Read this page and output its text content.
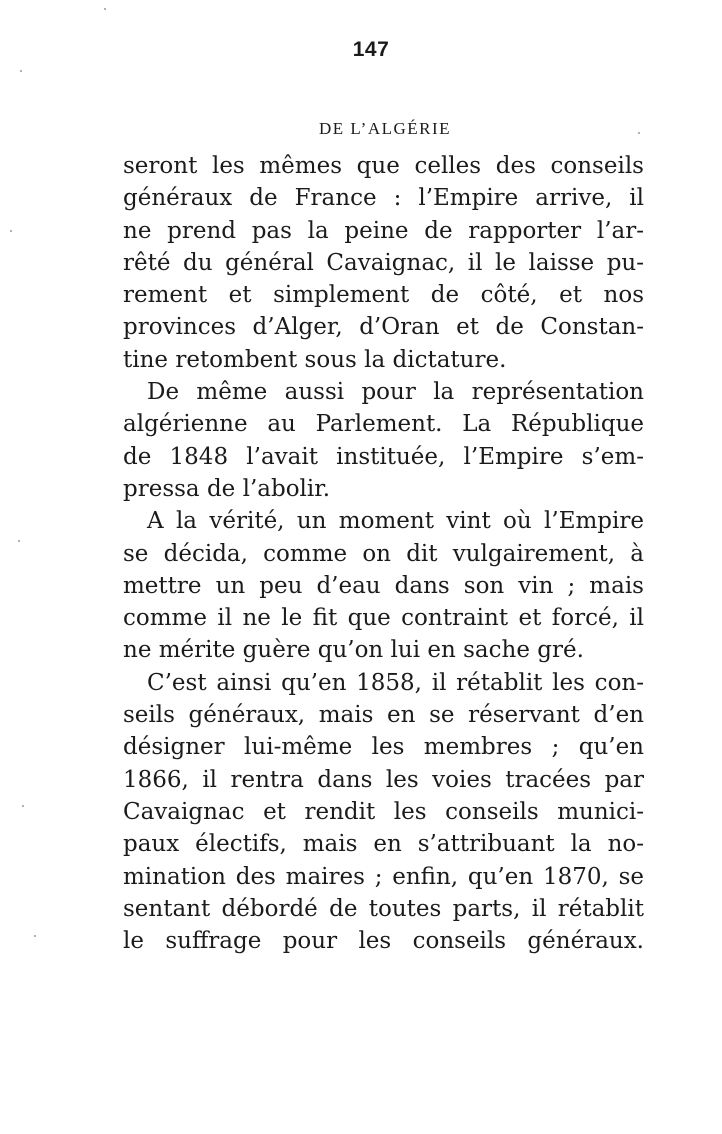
147
DE L’ALGÉRIE
seront les mêmes que celles des conseils
généraux de France : l’Empire arrive, il
ne prend pas la peine de rapporter l’ar-
rêté du général Cavaignac, il le laisse pu-
rement et simplement de côté, et nos
provinces d’Alger, d’Oran et de Constan-
tine retombent sous la dictature.
De même aussi pour la représentation
algérienne au Parlement. La République
de 1848 l’avait instituée, l’Empire s’em-
pressa de l’abolir.
A la vérité, un moment vint où l’Empire
se décida, comme on dit vulgairement, à
mettre un peu d’eau dans son vin ; mais
comme il ne le fit que contraint et forcé, il
ne mérite guère qu’on lui en sache gré.
C’est ainsi qu’en 1858, il rétablit les con-
seils généraux, mais en se réservant d’en
désigner lui-même les membres ; qu’en
1866, il rentra dans les voies tracées par
Cavaignac et rendit les conseils munici-
paux électifs, mais en s’attribuant la no-
mination des maires ; enfin, qu’en 1870, se
sentant débordé de toutes parts, il rétablit
le suffrage pour les conseils généraux.
